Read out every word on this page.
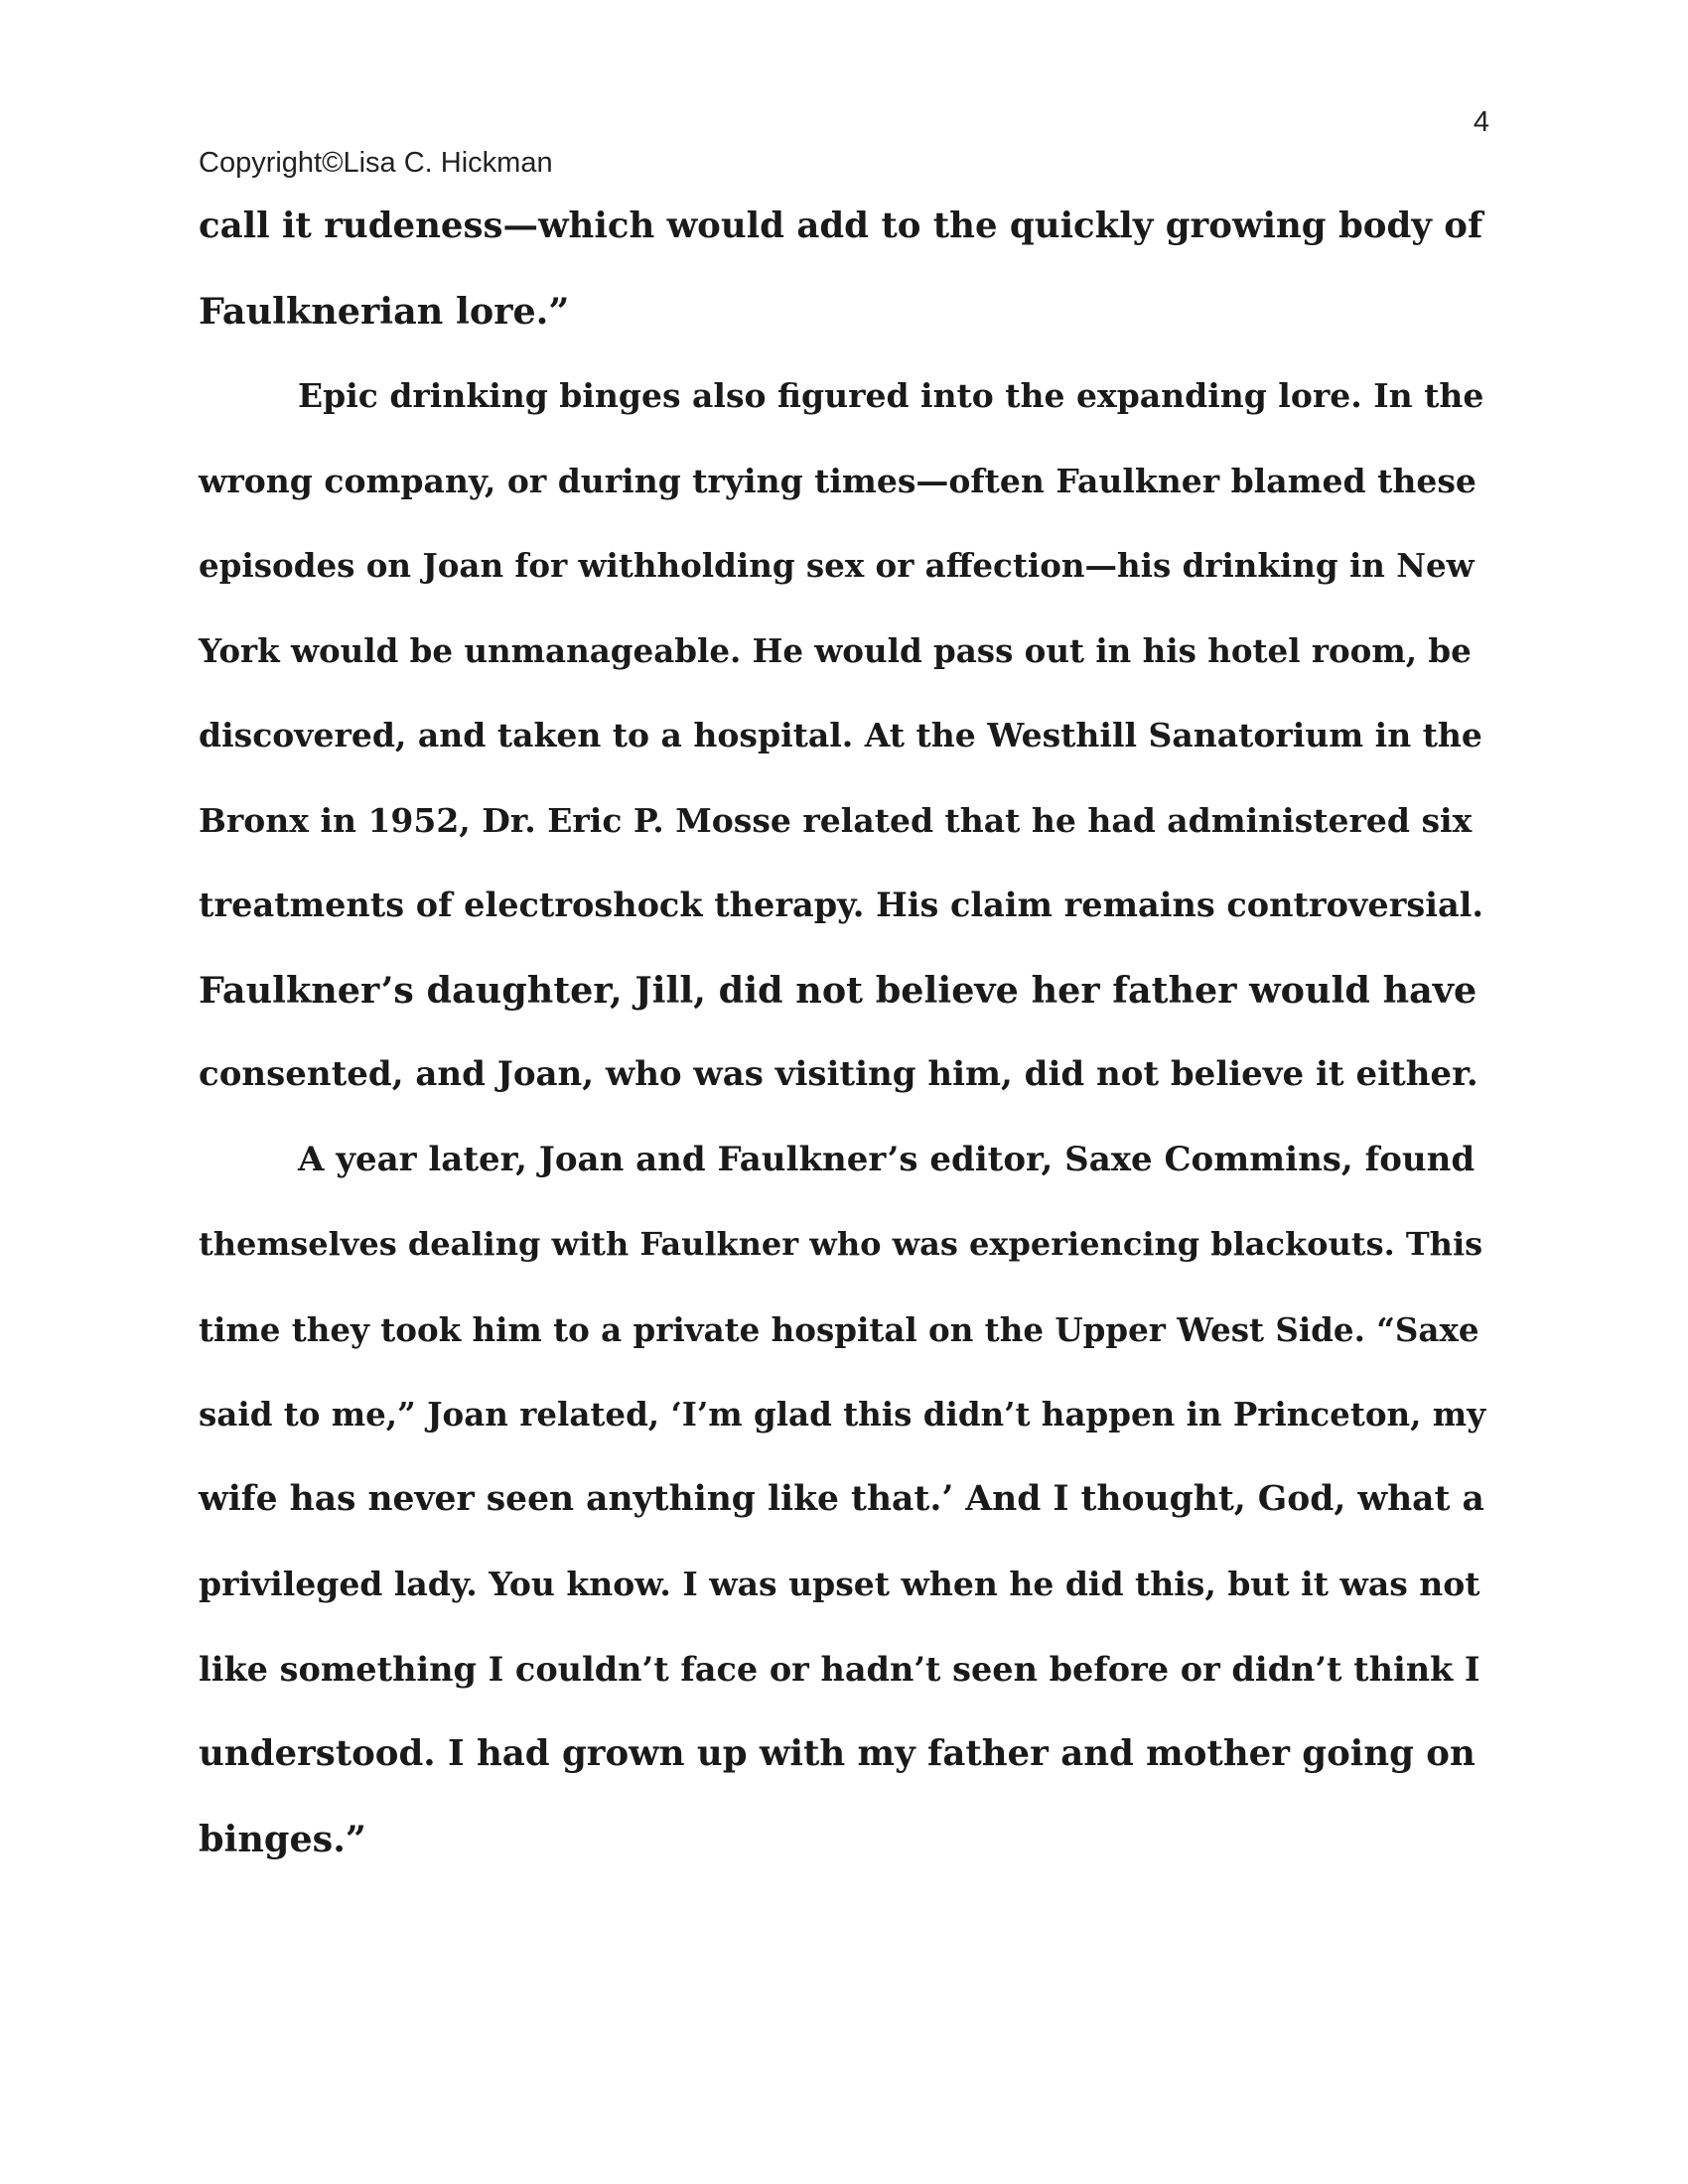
4
Copyright©Lisa C. Hickman
call it rudeness—which would add to the quickly growing body of
Faulknerian lore.”
Epic drinking binges also figured into the expanding lore. In the
wrong company, or during trying times—often Faulkner blamed these
episodes on Joan for withholding sex or affection—his drinking in New
York would be unmanageable. He would pass out in his hotel room, be
discovered, and taken to a hospital. At the Westhill Sanatorium in the
Bronx in 1952, Dr. Eric P. Mosse related that he had administered six
treatments of electroshock therapy. His claim remains controversial.
Faulkner’s daughter, Jill, did not believe her father would have
consented, and Joan, who was visiting him, did not believe it either.
A year later, Joan and Faulkner’s editor, Saxe Commins, found
themselves dealing with Faulkner who was experiencing blackouts. This
time they took him to a private hospital on the Upper West Side. “Saxe
said to me,” Joan related, ‘I’m glad this didn’t happen in Princeton, my
wife has never seen anything like that.’ And I thought, God, what a
privileged lady. You know. I was upset when he did this, but it was not
like something I couldn’t face or hadn’t seen before or didn’t think I
understood. I had grown up with my father and mother going on
binges.”
